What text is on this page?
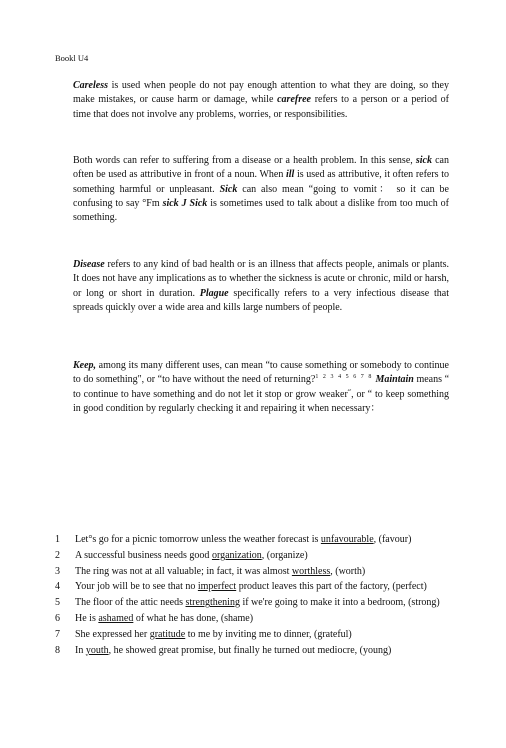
Bookl U4

Careless is used when people do not pay enough attention to what they are doing, so they make mistakes, or cause harm or damage, while carefree refers to a person or a period of time that does not involve any problems, worries, or responsibilities.

Both words can refer to suffering from a disease or a health problem. In this sense, sick can often be used as attributive in front of a noun. When ill is used as attributive, it often refers to something harmful or unpleasant. Sick can also mean “going to vomit： so it can be confusing to say °Fm sick J Sick is sometimes used to talk about a dislike from too much of something.

Disease refers to any kind of bad health or is an illness that affects people, animals or plants. It does not have any implications as to whether the sickness is acute or chronic, mild or harsh, or long or short in duration. Plague specifically refers to a very infectious disease that spreads quickly over a wide area and kills large numbers of people.

Keep, among its many different uses, can mean “to cause something or somebody to continue to do something", or “to have without the need of returning?$^{1 2 3 4 5 6 7 8}$ Maintain means “ to continue to have something and do not let it stop or grow weaker˝, or “ to keep something in good condition by regularly checking it and repairing it when necessary：

1	Let°s go for a picnic tomorrow unless the weather forecast is unfavourable, (favour)
2	A successful business needs good organization, (organize)
3	The ring was not at all valuable; in fact, it was almost worthless, (worth)
4	Your job will be to see that no imperfect product leaves this part of the factory, (perfect)
5	The floor of the attic needs strengthening if we're going to make it into a bedroom, (strong)
6	He is ashamed of what he has done, (shame)
7	She expressed her gratitude to me by inviting me to dinner, (grateful)
8	In youth, he showed great promise, but finally he turned out mediocre, (young)
